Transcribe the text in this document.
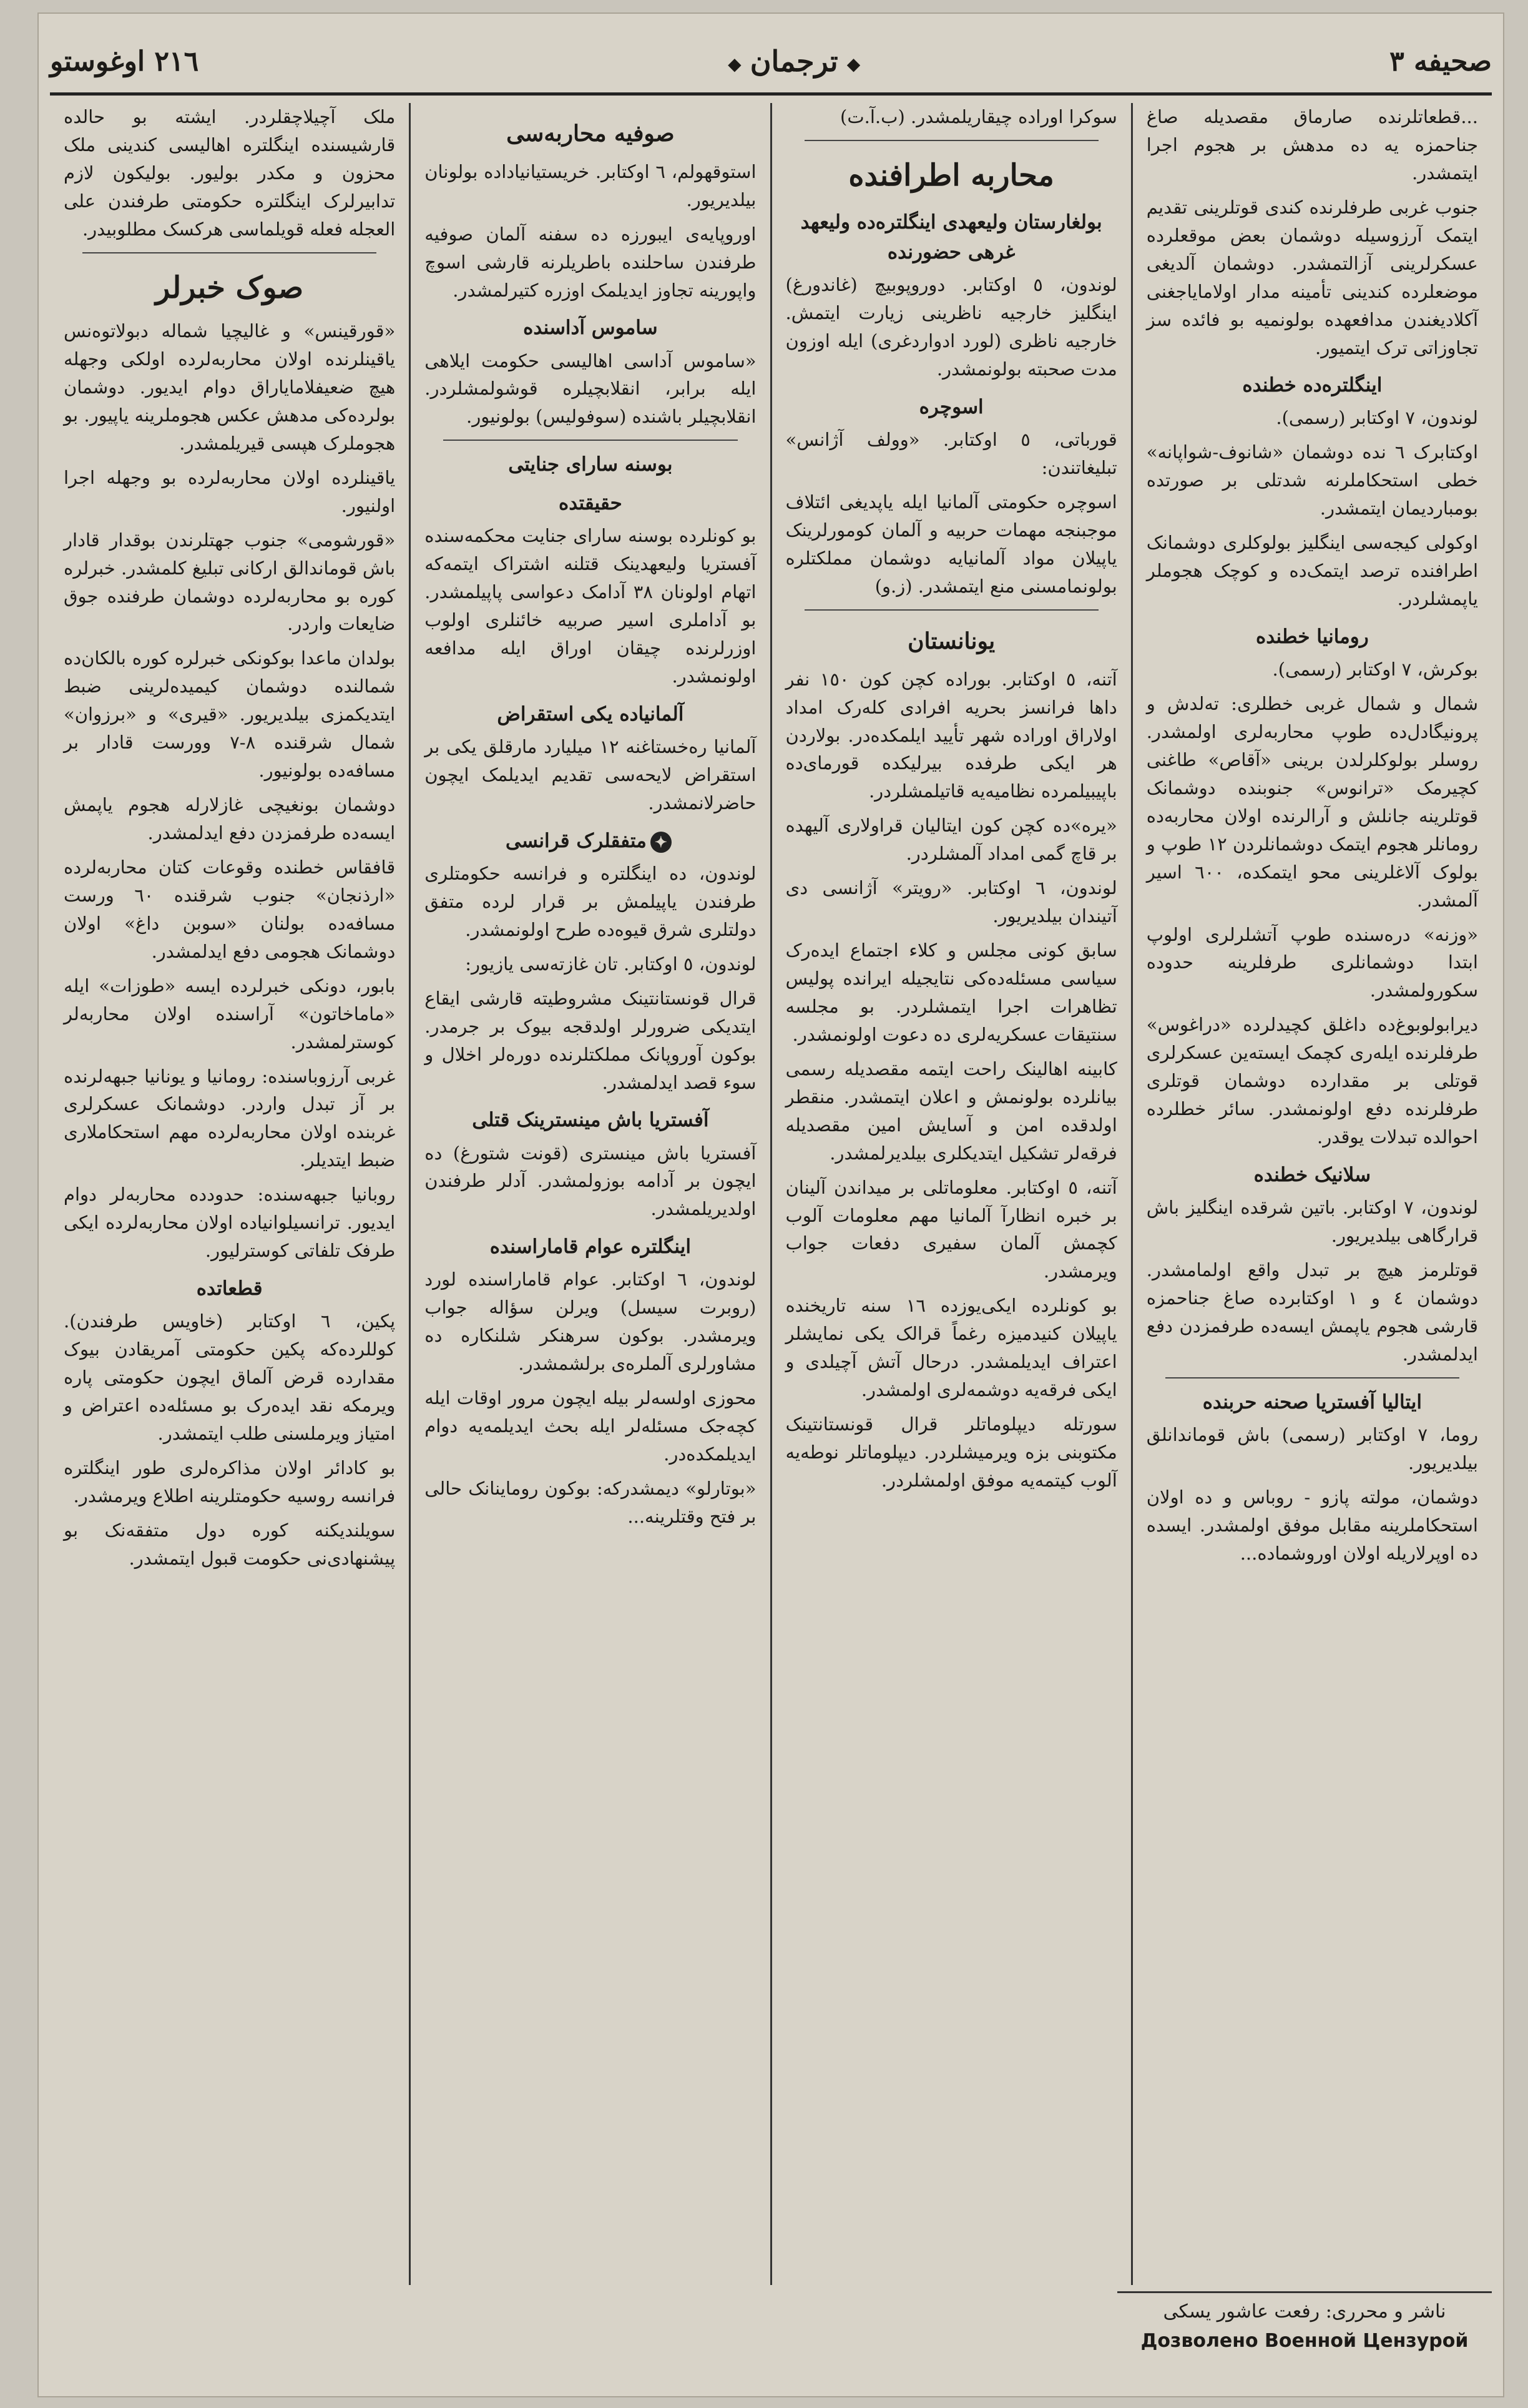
صحیفه ٣
◆ ترجمان ◆
٢١٦ اوغوستو

...قطعاتلرنده صارماق مقصدیله صاغ جناحمزه یه ده مدهش بر هجوم اجرا ایتمشدر.

جنوب غربی طرفلرنده کندی قوتلرینی تقدیم ایتمک آرزوسیله دوشمان بعض موقعلرده عسکرلرینی آزالتمشدر. دوشمان آلدیغی موضعلرده کندینی تأمینه مدار اولامایاجغنی آکلادیغندن مدافعهده بولونمیه بو فائده سز تجاوزاتی ترک ایتمیور.

اینگلتره‌ده خطنده

لوندون، ٧ اوکتابر (رسمی).

اوکتابرک ٦ نده دوشمان «شانوف-شواپانه» خطی استحکاملرنه شدتلی بر صورتده بومباردیمان ایتمشدر.

اوکولی کیجه‌سی اینگلیز بولوکلری دوشمانک اطرافنده ترصد ایتمک‌ده و کوچک هجوملر یاپمشلردر.

رومانیا خطنده

بوکرش، ٧ اوکتابر (رسمی).

شمال و شمال غربی خطلری: ته‌لدش و پرونیگادل‌ده طوپ محاربه‌لری اولمشدر. روسلر بولوکلرلدن برینی «آقاص» طاغنی کچیرمک «ترانوس» جنوبنده دوشمانک قوتلرینه جانلش و آرالرنده اولان محاربه‌ده رومانلر هجوم ایتمک دوشمانلردن ١٢ طوپ و بولوک آلاغلرینی محو ایتمکده، ٦٠٠ اسیر آلمشدر.

«وزنه» دره‌سنده طوپ آتشلرلری اولوپ ابتدا دوشمانلری طرفلرینه حدوده سکورولمشدر.

دیرابولوبوغ‌ده داغلق کچیدلرده «دراغوس» طرفلرنده ایله‌ری کچمک ایسته‌ین عسکرلری قوتلی بر مقدارده دوشمان قوتلری طرفلرنده دفع اولونمشدر. سائر خطلرده احوالده تبدلات یوقدر.

سلانیک خطنده

لوندون، ٧ اوکتابر. باتین شرقده اینگلیز باش قرارگاهی بیلدیریور.

قوتلرمز هیچ بر تبدل واقع اولمامشدر. دوشمان ٤ و ١ اوکتابر‌ده صاغ جناحمزه قارشی هجوم یاپمش ایسه‌ده طرفمزدن دفع ایدلمشدر.

ایتالیا آفستریا صحنه حربنده

روما، ٧ اوکتابر (رسمی) باش قوماندانلق بیلدیریور.

دوشمان، مولته پازو - روباس و ده اولان استحکاملرینه مقابل موفق اولمشدر. ایسده ده اوپرلاریله اولان اوروشماده...

سوکرا اوراده چیقاریلمشدر. (ب.آ.ت)

محاربه اطرافنده
بولغارستان ولیعهدی اینگلتره‌ده ولیعهد غرهی حضورنده

لوندون، ٥ اوکتابر. دوروپوبیچ (غاندورغ) اینگلیز خارجیه ناظرینی زیارت ایتمش. خارجیه ناظری (لورد ادواردغری) ایله اوزون مدت صحبته بولونمشدر.

اسوچره

قورباتی، ٥ اوکتابر. «وولف آژانس» تبلیغاتندن:

اسوچره حکومتی آلمانیا ایله یاپدیغی ائتلاف موجبنجه مهمات حربیه و آلمان کومورلرینک یاپیلان مواد آلمانیایه دوشمان مملکتلره بولونمامسنی منع ایتمشدر. (ز.و)

یونانستان

آتنه، ٥ اوکتابر. بوراده کچن کون ١٥٠ نفر داها فرانسز بحریه افرادی کله‌رک امداد اولاراق اوراده شهر تأیید ایلمکده‌در. بولاردن هر ایکی طرفده بیرلیکده قورمای‌ده باپیبیلمرده نظامیه‌یه قاتیلمشلردر.

«یره»ده کچن کون ایتالیان قراولاری آلیهده بر قاچ گمی امداد آلمشلردر.

لوندون، ٦ اوکتابر. «رویتر» آژانسی دی آتیندان بیلدیریور.

سابق کونی مجلس و کلاء اجتماع ایده‌رک سیاسی مسئله‌ده‌کی نتایجیله ایرانده پولیس تظاهرات اجرا ایتمشلردر. بو مجلسه سنتیقات عسکریه‌لری ده دعوت اولونمشدر.

کابینه اهالینک راحت ایتمه مقصدیله رسمی بیانلرده بولونمش و اعلان ایتمشدر. منقطر اولدقده امن و آسایش امین مقصدیله فرقه‌لر تشکیل ایتدیکلری بیلدیرلمشدر.

آتنه، ٥ اوکتابر. معلوماتلی بر میداندن آلینان بر خبره انظارآ آلمانیا مهم معلومات آلوب کچمش آلمان سفیری دفعات جواب ویرمشدر.

بو کونلرده ایکی‌یوز‌ده ١٦ سنه تاریخنده یاپیلان کنیدمیزه رغماً قرالک یکی نمایشلر اعتراف ایدیلمشدر. درحال آتش آچیلدی و ایکی فرقه‌یه دوشمه‌لری اولمشدر.

سورتله دیپلوماتلر قرال قونستانتینک مکتوبنی بزه ویرمیشلردر. دیپلوماتلر نوطه‌یه آلوب کیتمه‌یه موفق اولمشلردر.

صوفیه محاربه‌سی

استوقهولم، ٦ اوکتابر. خریستیانیاداده بولونان بیلدیریور.

اوروپایه‌ی ایبورزه ده سفنه آلمان صوفیه طرفندن ساحلنده باطریلرنه قارشی اسوچ واپورینه تجاوز ایدیلمک اوزره کتیرلمشدر.

ساموس آداسنده

«ساموس آداسی اهالیسی حکومت ایلاهی ایله برابر، انقلابچیلره قوشولمشلردر. انقلابچیلر باشنده (سوفولیس) بولونیور.

بوسنه سارای جنایتی
حقیقتده

بو کونلرده بوسنه سارای جنایت محکمه‌سنده آفستریا ولیعهدینک قتلنه اشتراک ایتمه‌که اتهام اولونان ٣٨ آدامک دعواسی پاپیلمشدر. بو آداملری اسیر صربیه خائنلری اولوب اوزرلرنده چیقان اوراق ایله مدافعه اولونمشدر.

آلمانیاده یکی استقراض

آلمانیا ره‌خستاغنه ١٢ میلیارد مارقلق یکی بر استقراض لایحه‌سی تقدیم ایدیلمک ایچون حاضرلانمشدر.

✦متفقلرک قرانسی

لوندون، ده اینگلتره و فرانسه حکومتلری طرفندن یاپیلمش بر قرار لرده متفق دولتلری شرق قیوه‌ده طرح اولونمشدر.

لوندون، ٥ اوکتابر. تان غازته‌سی یازیور:

قرال قونستانتینک مشروطیته قارشی ایقاع ایتدیکی ضرورلر اولدقجه بیوک بر جرمدر. بوکون آوروپانک مملکتلرنده دوره‌لر اخلال و سوء قصد ایدلمشدر.

آفستریا باش مینسترینک قتلی

آفستریا باش مینستری (قونت شتورغ) ده ایچون بر آدامه بوزولمشدر. آدلر طرفندن اولدیریلمشدر.

اینگلتره عوام قاماراسنده

لوندون، ٦ اوکتابر. عوام قاماراسنده لورد (روبرت سیسل) ویرلن سؤاله جواب ویرمشدر. بوکون سرهنکر شلنکاره ده مشاورلری آلملره‌ی برلشمشدر.

محوزی اولسه‌لر بیله ایچون مرور اوقات ایله کچه‌جک مسئله‌لر ایله بحث ایدیلمه‌یه دوام ایدیلمکده‌در.

«بوتارلو» دیمشدرکه: بوکون روماینانک حالی بر فتح وقتلرینه...

ملک آچیلاچقلردر. ایشته بو حالده قارشیسنده اینگلتره اهالیسی کندینی ملک محزون و مکدر بولیور. بولیکون لازم تدابیرلرک اینگلتره حکومتی طرفندن علی العجله فعله قویلماسی هرکسک مطلوبیدر.

صوک خبرلر

«قورقینس» و غالیچیا شماله دبولاتوه‌نس یاقینلرنده اولان محاربه‌لرده اولکی وجهله هیچ ضعیفلامایاراق دوام ایدیور. دوشمان بولرده‌کی مدهش عکس هجوملرینه یاپیور. بو هجوملرک هپسی قیریلمشدر.

یاقینلرده اولان محاربه‌لرده بو وجهله اجرا اولنیور.

«قورشومی» جنوب جهتلرندن بوقدار قادار باش قوماندالق ارکانی تبلیغ کلمشدر. خبرلره کوره بو محاربه‌لرده دوشمان طرفنده جوق ضایعات واردر.

بولدان ماعدا بوکونکی خبرلره کوره بالکان‌ده شمالنده دوشمان کیمیده‌لرینی ضبط ایتدیکمزی بیلدیریور. «قیری» و «برزوان» شمال شرقنده ٨-٧ وورست قادار بر مسافه‌ده بولونیور.

دوشمان بونغیچی غازلارله هجوم یاپمش ایسه‌ده طرفمزدن دفع ایدلمشدر.

قافقاس خطنده وقوعات کتان محاربه‌لرده «ارذنجان» جنوب شرقنده ٦٠ ورست مسافه‌ده بولنان «سوبن داغ» اولان دوشمانک هجومی دفع ایدلمشدر.

بابور، دونکی خبرلرده ایسه «طوزات» ایله «ماماخاتون» آراسنده اولان محاربه‌لر کوسترلمشدر.

غربی آرزوباسنده: رومانیا و یونانیا جبهه‌لرنده بر آز تبدل واردر. دوشمانک عسکرلری غربنده اولان محاربه‌لرده مهم استحکاملاری ضبط ایتدیلر.

روبانیا جبهه‌سنده: حدودده محاربه‌لر دوام ایدیور. ترانسیلوانیاده اولان محاربه‌لرده ایکی طرفک تلفاتی کوسترلیور.

قطعاتده

پکین، ٦ اوکتابر (خاویس طرفندن). کوللرده‌که پکین حکومتی آمریقادن بیوک مقدارده قرض آلماق ایچون حکومتی پاره ویرمکه نقد ایده‌رک بو مسئله‌ده اعتراض و امتیاز ویرملسنی طلب ایتمشدر.

بو کادائر اولان مذاکره‌لری طور اینگلتره فرانسه روسیه حکومتلرینه اطلاع ویرمشدر.

سویلندیکنه کوره دول متفقه‌نک بو پیشنهادی‌نی حکومت قبول ایتمشدر.

ناشر و محرری: رفعت عاشور یسکی
Дозволено Военной Цензурой
